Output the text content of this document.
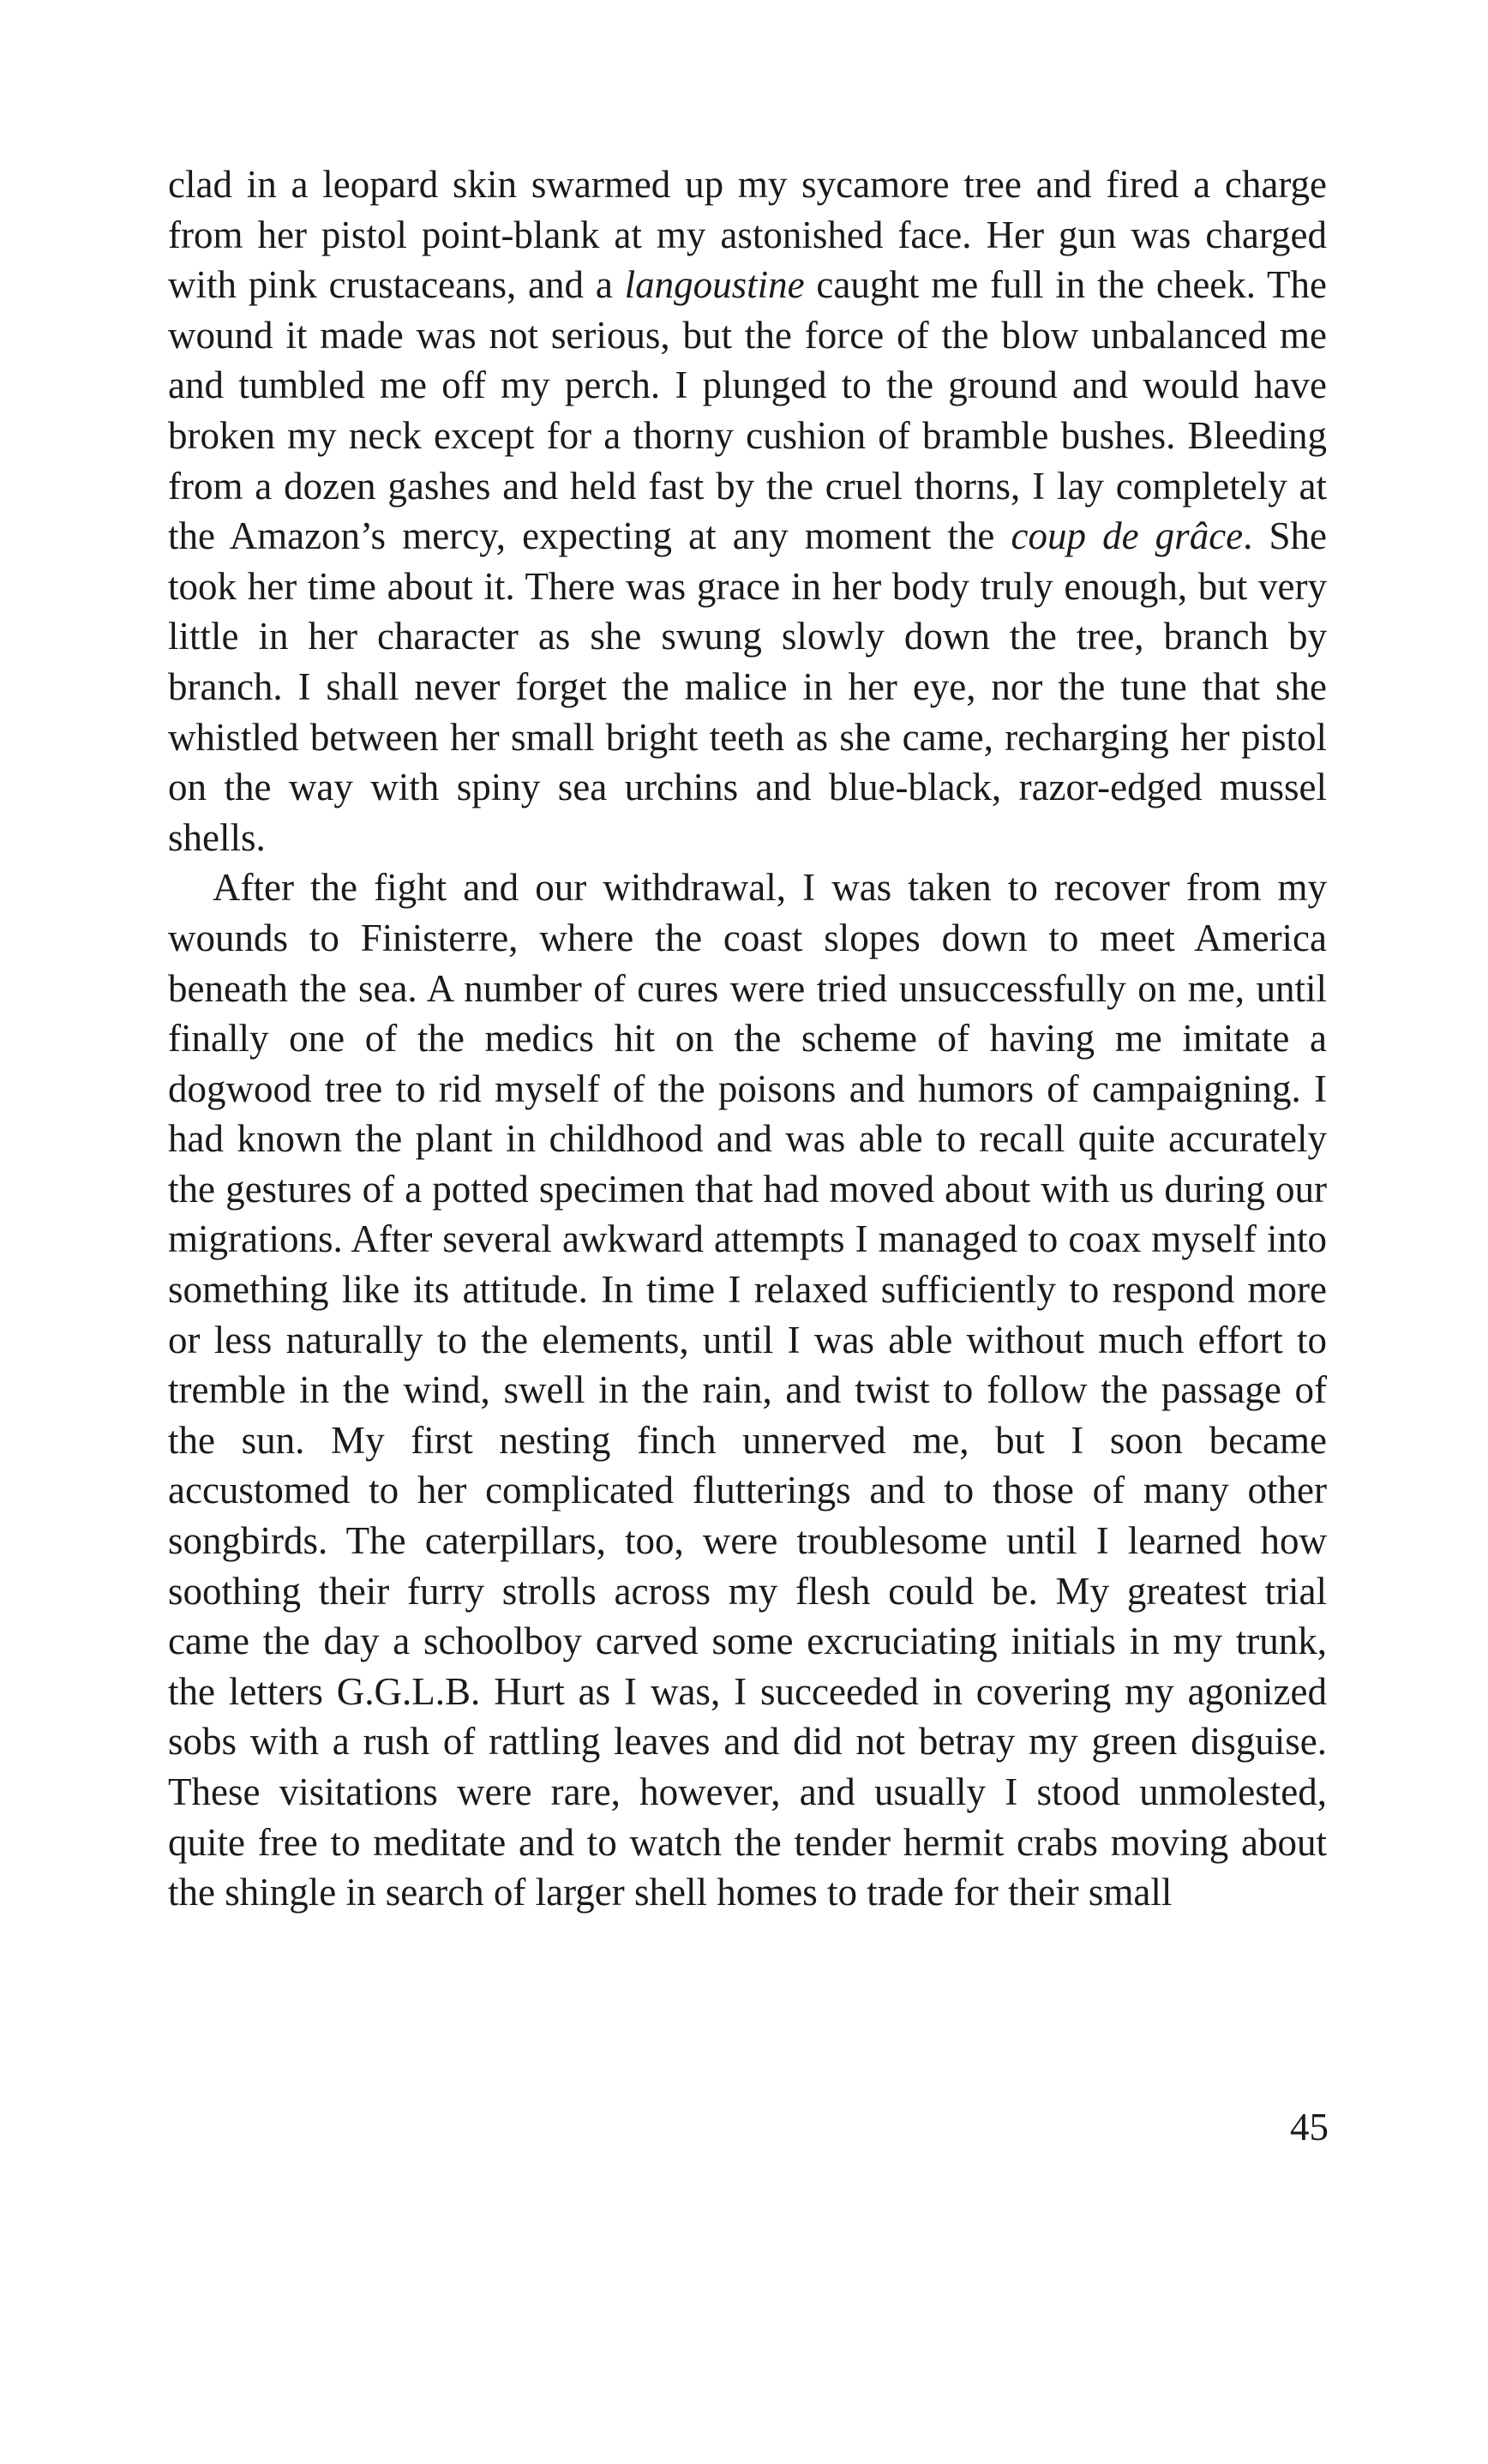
clad in a leopard skin swarmed up my sycamore tree and fired a charge from her pistol point-blank at my astonished face. Her gun was charged with pink crustaceans, and a langoustine caught me full in the cheek. The wound it made was not serious, but the force of the blow unbalanced me and tumbled me off my perch. I plunged to the ground and would have broken my neck except for a thorny cushion of bramble bushes. Bleeding from a dozen gashes and held fast by the cruel thorns, I lay completely at the Amazon’s mercy, expecting at any moment the coup de grâce. She took her time about it. There was grace in her body truly enough, but very little in her character as she swung slowly down the tree, branch by branch. I shall never forget the malice in her eye, nor the tune that she whistled between her small bright teeth as she came, recharging her pistol on the way with spiny sea urchins and blue-black, razor-edged mussel shells.

After the fight and our withdrawal, I was taken to recover from my wounds to Finisterre, where the coast slopes down to meet America beneath the sea. A number of cures were tried unsuccessfully on me, until finally one of the medics hit on the scheme of having me imitate a dogwood tree to rid myself of the poisons and humors of campaigning. I had known the plant in childhood and was able to recall quite accurately the gestures of a potted specimen that had moved about with us during our migrations. After several awkward attempts I managed to coax myself into something like its attitude. In time I relaxed sufficiently to respond more or less naturally to the elements, until I was able without much effort to tremble in the wind, swell in the rain, and twist to follow the passage of the sun. My first nesting finch unnerved me, but I soon became accustomed to her complicated flutterings and to those of many other songbirds. The caterpillars, too, were troublesome until I learned how soothing their furry strolls across my flesh could be. My greatest trial came the day a schoolboy carved some excruciating initials in my trunk, the letters G.G.L.B. Hurt as I was, I succeeded in covering my agonized sobs with a rush of rattling leaves and did not betray my green disguise. These visitations were rare, however, and usually I stood unmolested, quite free to meditate and to watch the tender hermit crabs moving about the shingle in search of larger shell homes to trade for their small

45
